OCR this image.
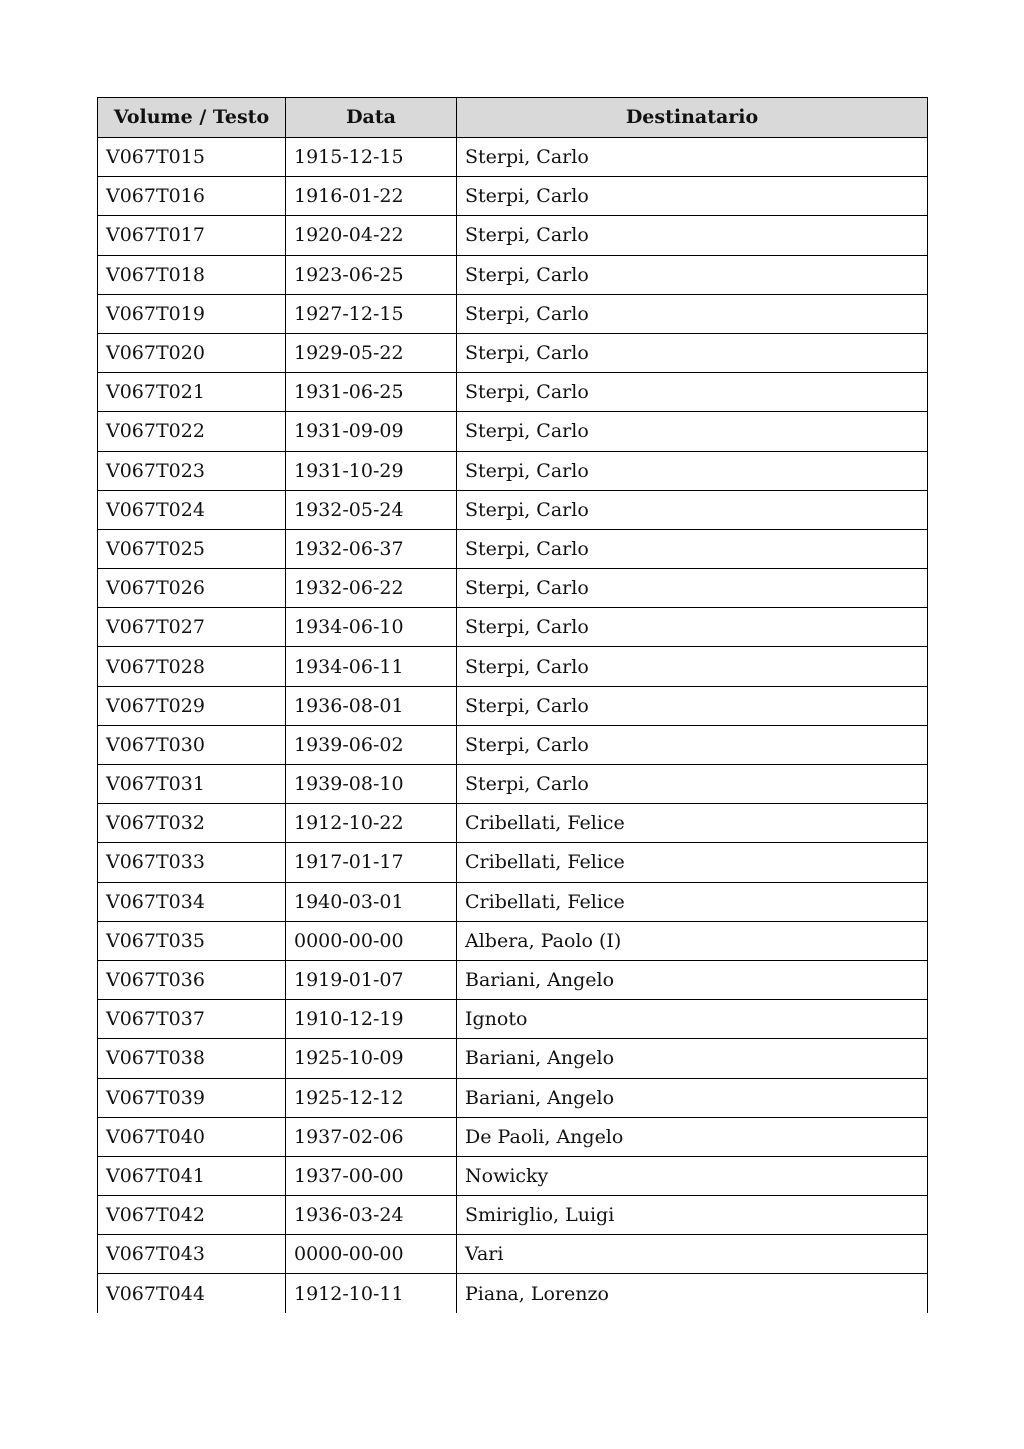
Volume / Testo	Data	Destinatario
V067T015	1915-12-15	Sterpi, Carlo
V067T016	1916-01-22	Sterpi, Carlo
V067T017	1920-04-22	Sterpi, Carlo
V067T018	1923-06-25	Sterpi, Carlo
V067T019	1927-12-15	Sterpi, Carlo
V067T020	1929-05-22	Sterpi, Carlo
V067T021	1931-06-25	Sterpi, Carlo
V067T022	1931-09-09	Sterpi, Carlo
V067T023	1931-10-29	Sterpi, Carlo
V067T024	1932-05-24	Sterpi, Carlo
V067T025	1932-06-37	Sterpi, Carlo
V067T026	1932-06-22	Sterpi, Carlo
V067T027	1934-06-10	Sterpi, Carlo
V067T028	1934-06-11	Sterpi, Carlo
V067T029	1936-08-01	Sterpi, Carlo
V067T030	1939-06-02	Sterpi, Carlo
V067T031	1939-08-10	Sterpi, Carlo
V067T032	1912-10-22	Cribellati, Felice
V067T033	1917-01-17	Cribellati, Felice
V067T034	1940-03-01	Cribellati, Felice
V067T035	0000-00-00	Albera, Paolo (I)
V067T036	1919-01-07	Bariani, Angelo
V067T037	1910-12-19	Ignoto
V067T038	1925-10-09	Bariani, Angelo
V067T039	1925-12-12	Bariani, Angelo
V067T040	1937-02-06	De Paoli, Angelo
V067T041	1937-00-00	Nowicky
V067T042	1936-03-24	Smiriglio, Luigi
V067T043	0000-00-00	Vari
V067T044	1912-10-11	Piana, Lorenzo
